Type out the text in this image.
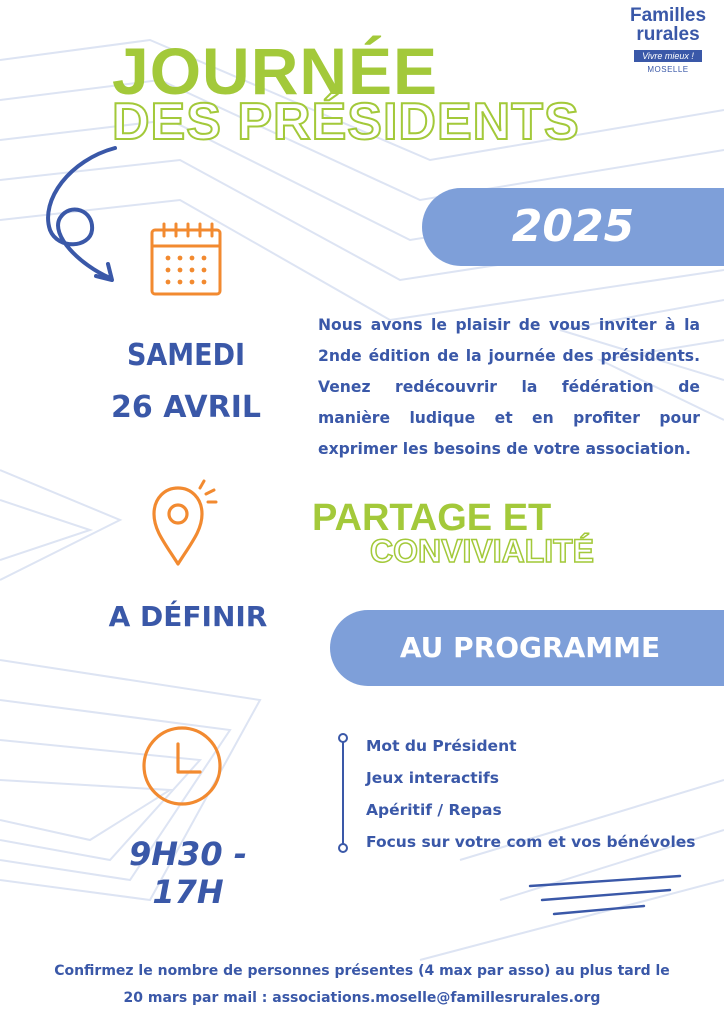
Familles
rurales
Vivre mieux !
MOSELLE
JOURNÉE
DES PRÉSIDENTS
2025
SAMEDI
26 AVRIL
Nous avons le plaisir de vous inviter à la 2nde édition de la journée des présidents. Venez redécouvrir la fédération de manière ludique et en profiter pour exprimer les besoins de votre association.
PARTAGE ET
CONVIVIALITÉ
A DÉFINIR
AU PROGRAMME
9H30 - 17H
Mot du Président
Jeux interactifs
Apéritif / Repas
Focus sur votre com et vos bénévoles
Confirmez le nombre de personnes présentes (4 max par asso) au plus tard le
20 mars par mail : associations.moselle@famillesrurales.org
